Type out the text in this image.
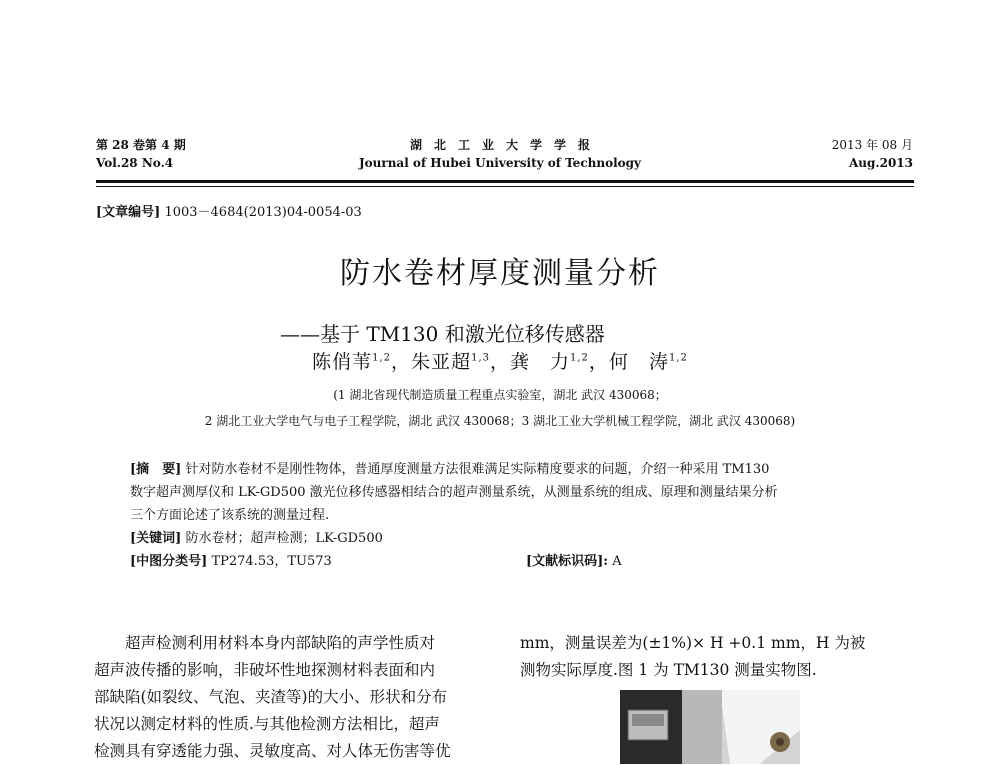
第 28 卷第 4 期
Vol.28 No.4
湖　北　工　业　大　学　学　报
Journal of Hubei University of Technology
2013 年 08 月
Aug.2013
[文章编号] 1003－4684(2013)04-0054-03
防水卷材厚度测量分析
——基于 TM130 和激光位移传感器
陈俏苇$^{1,2}$，朱亚超$^{1,3}$，龚　力$^{1,2}$，何　涛$^{1,2}$
(1 湖北省现代制造质量工程重点实验室，湖北 武汉 430068；
2 湖北工业大学电气与电子工程学院，湖北 武汉 430068；3 湖北工业大学机械工程学院，湖北 武汉 430068)
[摘　要] 针对防水卷材不是刚性物体，普通厚度测量方法很难满足实际精度要求的问题，介绍一种采用 TM130
数字超声测厚仪和 LK-GD500 激光位移传感器相结合的超声测量系统，从测量系统的组成、原理和测量结果分析
三个方面论述了该系统的测量过程.
[关键词] 防水卷材；超声检测；LK-GD500
[中图分类号] TP274.53，TU573	[文献标识码]: A
　　超声检测利用材料本身内部缺陷的声学性质对
超声波传播的影响，非破坏性地探测材料表面和内
部缺陷(如裂纹、气泡、夹渣等)的大小、形状和分布
状况以测定材料的性质.与其他检测方法相比，超声
检测具有穿透能力强、灵敏度高、对人体无伤害等优
mm，测量误差为(±1%)× H +0.1 mm，H 为被
测物实际厚度.图 1 为 TM130 测量实物图.
